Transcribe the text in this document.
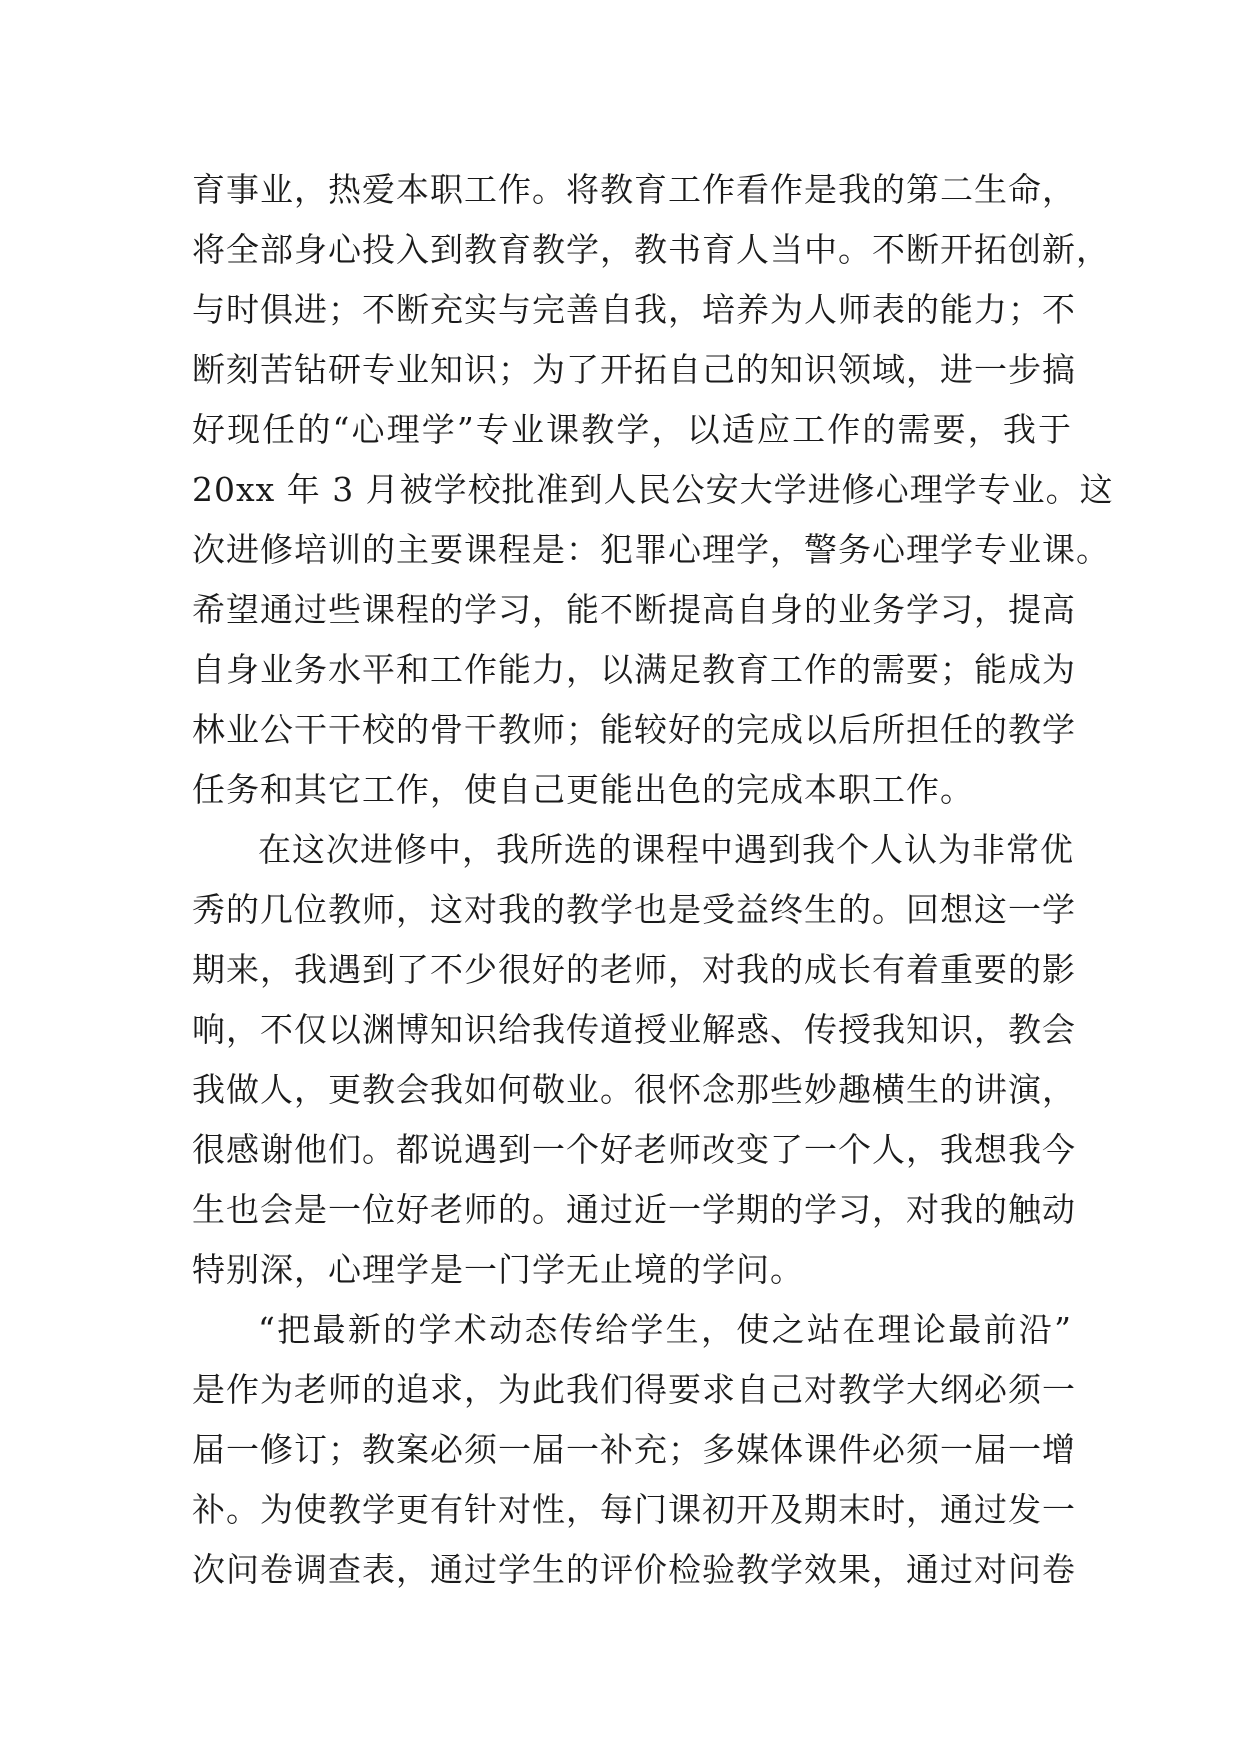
育事业，热爱本职工作。将教育工作看作是我的第二生命，
将全部身心投入到教育教学，教书育人当中。不断开拓创新，
与时俱进；不断充实与完善自我，培养为人师表的能力；不
断刻苦钻研专业知识；为了开拓自己的知识领域，进一步搞
好现任的“心理学”专业课教学，以适应工作的需要，我于
20xx 年 3 月被学校批准到人民公安大学进修心理学专业。这
次进修培训的主要课程是：犯罪心理学，警务心理学专业课。
希望通过些课程的学习，能不断提高自身的业务学习，提高
自身业务水平和工作能力，以满足教育工作的需要；能成为
林业公干干校的骨干教师；能较好的完成以后所担任的教学
任务和其它工作，使自己更能出色的完成本职工作。
在这次进修中，我所选的课程中遇到我个人认为非常优
秀的几位教师，这对我的教学也是受益终生的。回想这一学
期来，我遇到了不少很好的老师，对我的成长有着重要的影
响，不仅以渊博知识给我传道授业解惑、传授我知识，教会
我做人，更教会我如何敬业。很怀念那些妙趣横生的讲演，
很感谢他们。都说遇到一个好老师改变了一个人，我想我今
生也会是一位好老师的。通过近一学期的学习，对我的触动
特别深，心理学是一门学无止境的学问。
“把最新的学术动态传给学生，使之站在理论最前沿”
是作为老师的追求，为此我们得要求自己对教学大纲必须一
届一修订；教案必须一届一补充；多媒体课件必须一届一增
补。为使教学更有针对性，每门课初开及期末时，通过发一
次问卷调查表，通过学生的评价检验教学效果，通过对问卷
